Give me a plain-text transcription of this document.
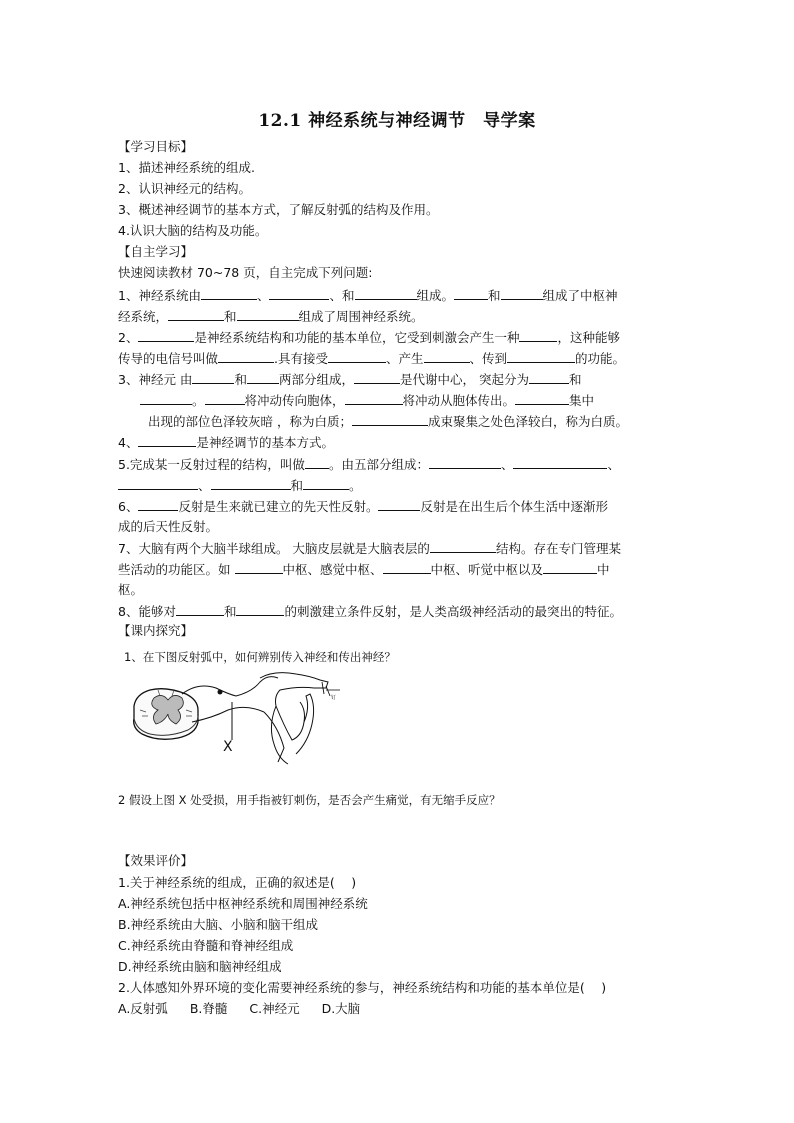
12.1 神经系统与神经调节　导学案
【学习目标】
1、描述神经系统的组成.
2、认识神经元的结构。
3、概述神经调节的基本方式，了解反射弧的结构及作用。
4.认识大脑的结构及功能。
【自主学习】
快速阅读教材 70~78 页，自主完成下列问题:
1、神经系统由	、	、和	组成。	和	组成了中枢神
经系统，	和	组成了周围神经系统。
2、	是神经系统结构和功能的基本单位，它受到刺激会产生一种	，这种能够
传导的电信号叫做	.具有接受	、产生	、传到	的功能。
3、神经元 由	和	两部分组成，	是代谢中心， 突起分为	和
。	将冲动传向胞体，	将冲动从胞体传出。	集中
出现的部位色泽较灰暗 ，称为白质；	成束聚集之处色泽较白，称为白质。
4、	是神经调节的基本方式。
5.完成某一反射过程的结构，叫做 。由五部分组成：	、	、
、	和	。
6、	反射是生来就已建立的先天性反射。	反射是在出生后个体生活中逐渐形
成的后天性反射。
7、大脑有两个大脑半球组成。 大脑皮层就是大脑表层的	结构。存在专门管理某
些活动的功能区。如	中枢、感觉中枢、	中枢、听觉中枢以及	中
枢。
8、能够对	和	的刺激建立条件反射，是人类高级神经活动的最突出的特征。
【课内探究】
1、在下图反射弧中，如何辨别传入神经和传出神经？
钉
X
2 假设上图 X 处受损，用手指被钉刺伤，是否会产生痛觉，有无缩手反应？
【效果评价】
1.关于神经系统的组成，正确的叙述是(　 )
A.神经系统包括中枢神经系统和周围神经系统
B.神经系统由大脑、小脑和脑干组成
C.神经系统由脊髓和脊神经组成
D.神经系统由脑和脑神经组成
2.人体感知外界环境的变化需要神经系统的参与，神经系统结构和功能的基本单位是(　 )
A.反射弧 B.脊髓 C.神经元 D.大脑
